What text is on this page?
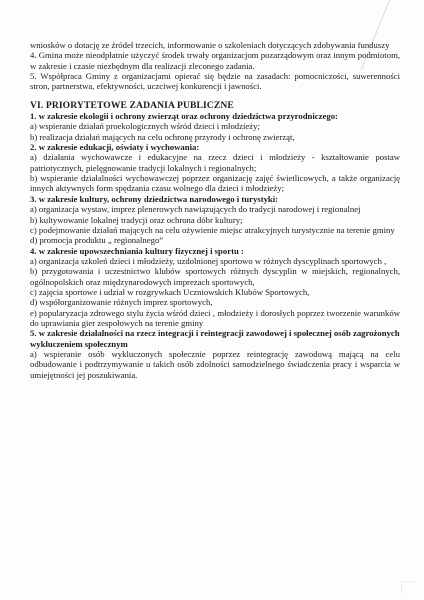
wniosków o dotację ze źródeł trzecich, informowanie o szkoleniach dotyczących zdobywania funduszy

4. Gmina może nieodpłatnie użyczyć środek trwały organizacjom pozarządowym oraz innym podmiotom, w zakresie i czasie niezbędnym dla realizacji zleconego zadania.

5. Współpraca Gminy z organizacjami opierać się będzie na zasadach: pomocniczości, suwerenności stron, partnerstwa, efektywności, uczciwej konkurencji i jawności.

VI. PRIORYTETOWE ZADANIA PUBLICZNE

1. w zakresie ekologii i ochrony zwierząt oraz ochrony dziedzictwa przyrodniczego:

a) wspieranie działań proekologicznych wśród dzieci i młodzieży;

b) realizacja działań mających na celu ochronę przyrody i ochronę zwierząt,

2. w zakresie edukacji, oświaty i wychowania:

a) działania wychowawcze i edukacyjne na rzecz dzieci i młodzieży - kształtowanie postaw patriotycznych, pielęgnowanie tradycji lokalnych i regionalnych;

b) wspieranie działalności wychowawczej poprzez organizację zajęć świetlicowych, a także organizację innych aktywnych form spędzania czasu wolnego dla dzieci i młodzieży;

3. w zakresie kultury, ochrony dziedzictwa narodowego i turystyki:

a) organizacja wystaw, imprez plenerowych nawiązujących do tradycji narodowej i regionalnej

b) kultywowanie lokalnej tradycji oraz ochrona dóbr kultury;

c) podejmowanie działań mających na celu ożywienie miejsc atrakcyjnych turystycznie na terenie gminy

d) promocja produktu „ regionalnego”

4. w zakresie upowszechniania kultury fizycznej i sportu :

a) organizacja szkoleń dzieci i młodzieży, uzdolnionej sportowo w różnych dyscyplinach sportowych ,

b) przygotowania i uczestnictwo klubów sportowych różnych dyscyplin w miejskich, regionalnych, ogólnopolskich oraz międzynarodowych imprezach sportowych,

c) zajęcia sportowe i udział w rozgrywkach Uczniowskich Klubów Sportowych,

d) współorganizowanie różnych imprez sportowych,

e) popularyzacja zdrowego stylu życia wśród dzieci , młodzieży i dorosłych poprzez tworzenie warunków do uprawiania gier zespołowych na terenie gminy

5. w zakresie działalności na rzecz integracji i reintegracji zawodowej i społecznej osób zagrożonych wykluczeniem społecznym

a) wspieranie osób wykluczonych społecznie poprzez reintegrację zawodową mającą na celu odbudowanie i podtrzymywanie u takich osób zdolności samodzielnego świadczenia pracy i wsparcia w umiejętności jej poszukiwania.
